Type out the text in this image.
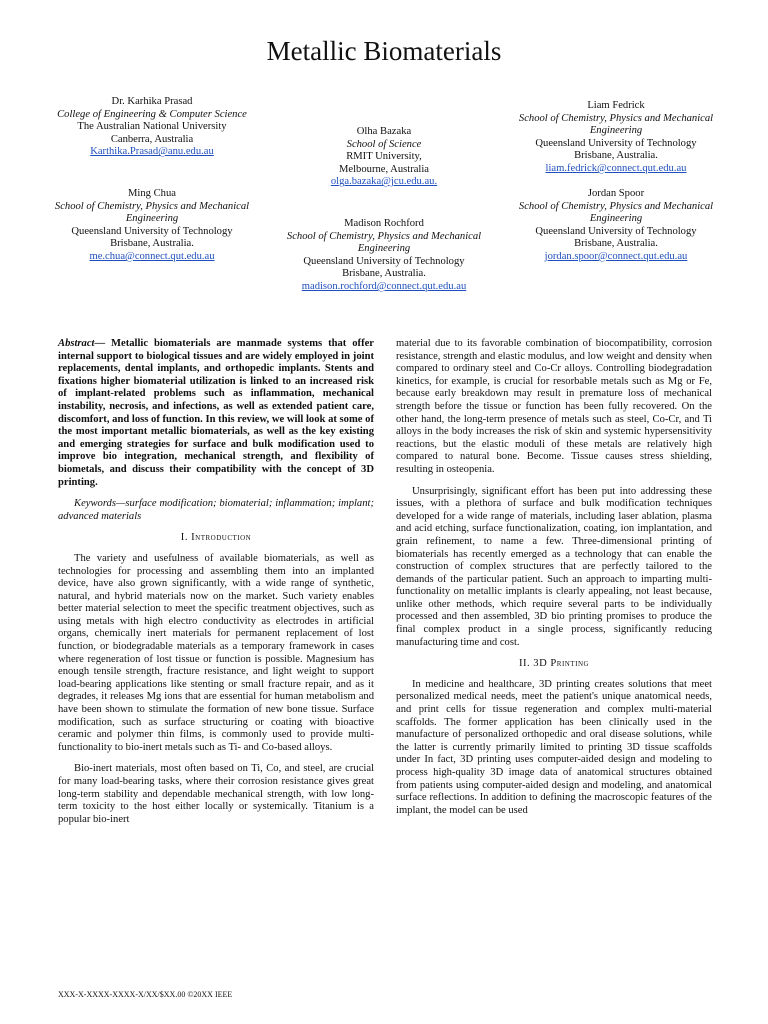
Metallic Biomaterials
Dr. Karhika Prasad
College of Engineering & Computer Science
The Australian National University
Canberra, Australia
Karthika.Prasad@anu.edu.au
Ming Chua
School of Chemistry, Physics and Mechanical Engineering
Queensland University of Technology
Brisbane, Australia.
me.chua@connect.qut.edu.au
Olha Bazaka
School of Science
RMIT University,
Melbourne, Australia
olga.bazaka@jcu.edu.au.
Madison Rochford
School of Chemistry, Physics and Mechanical Engineering
Queensland University of Technology
Brisbane, Australia.
madison.rochford@connect.qut.edu.au
Liam Fedrick
School of Chemistry, Physics and Mechanical Engineering
Queensland University of Technology
Brisbane, Australia.
liam.fedrick@connect.qut.edu.au
Jordan Spoor
School of Chemistry, Physics and Mechanical Engineering
Queensland University of Technology
Brisbane, Australia.
jordan.spoor@connect.qut.edu.au

Abstract— Metallic biomaterials are manmade systems that offer internal support to biological tissues and are widely employed in joint replacements, dental implants, and orthopedic implants. Stents and fixations higher biomaterial utilization is linked to an increased risk of implant-related problems such as inflammation, mechanical instability, necrosis, and infections, as well as extended patient care, discomfort, and loss of function. In this review, we will look at some of the most important metallic biomaterials, as well as the key existing and emerging strategies for surface and bulk modification used to improve bio integration, mechanical strength, and flexibility of biometals, and discuss their compatibility with the concept of 3D printing.

Keywords—surface modification; biomaterial; inflammation; implant; advanced materials

I. Introduction

The variety and usefulness of available biomaterials, as well as technologies for processing and assembling them into an implanted device, have also grown significantly, with a wide range of synthetic, natural, and hybrid materials now on the market. Such variety enables better material selection to meet the specific treatment objectives, such as using metals with high electro conductivity as electrodes in artificial organs, chemically inert materials for permanent replacement of lost function, or biodegradable materials as a temporary framework in cases where regeneration of lost tissue or function is possible. Magnesium has enough tensile strength, fracture resistance, and light weight to support load-bearing applications like stenting or small fracture repair, and as it degrades, it releases Mg ions that are essential for human metabolism and have been shown to stimulate the formation of new bone tissue. Surface modification, such as surface structuring or coating with bioactive ceramic and polymer thin films, is commonly used to provide multi-functionality to bio-inert metals such as Ti- and Co-based alloys.

Bio-inert materials, most often based on Ti, Co, and steel, are crucial for many load-bearing tasks, where their corrosion resistance gives great long-term stability and dependable mechanical strength, with low long-term toxicity to the host either locally or systemically. Titanium is a popular bio-inert

material due to its favorable combination of biocompatibility, corrosion resistance, strength and elastic modulus, and low weight and density when compared to ordinary steel and Co-Cr alloys. Controlling biodegradation kinetics, for example, is crucial for resorbable metals such as Mg or Fe, because early breakdown may result in premature loss of mechanical strength before the tissue or function has been fully recovered. On the other hand, the long-term presence of metals such as steel, Co-Cr, and Ti alloys in the body increases the risk of skin and systemic hypersensitivity reactions, but the elastic moduli of these metals are relatively high compared to natural bone. Become. Tissue causes stress shielding, resulting in osteopenia.

Unsurprisingly, significant effort has been put into addressing these issues, with a plethora of surface and bulk modification techniques developed for a wide range of materials, including laser ablation, plasma and acid etching, surface functionalization, coating, ion implantation, and grain refinement, to name a few. Three-dimensional printing of biomaterials has recently emerged as a technology that can enable the construction of complex structures that are perfectly tailored to the demands of the particular patient. Such an approach to imparting multi-functionality on metallic implants is clearly appealing, not least because, unlike other methods, which require several parts to be individually processed and then assembled, 3D bio printing promises to produce the final complex product in a single process, significantly reducing manufacturing time and cost.

II. 3D Printing

In medicine and healthcare, 3D printing creates solutions that meet personalized medical needs, meet the patient's unique anatomical needs, and print cells for tissue regeneration and complex multi-material scaffolds. The former application has been clinically used in the manufacture of personalized orthopedic and oral disease solutions, while the latter is currently primarily limited to printing 3D tissue scaffolds under In fact, 3D printing uses computer-aided design and modeling to process high-quality 3D image data of anatomical structures obtained from patients using computer-aided design and modeling, and anatomical surface reflections. In addition to defining the macroscopic features of the implant, the model can be used

XXX-X-XXXX-XXXX-X/XX/$XX.00 ©20XX IEEE
